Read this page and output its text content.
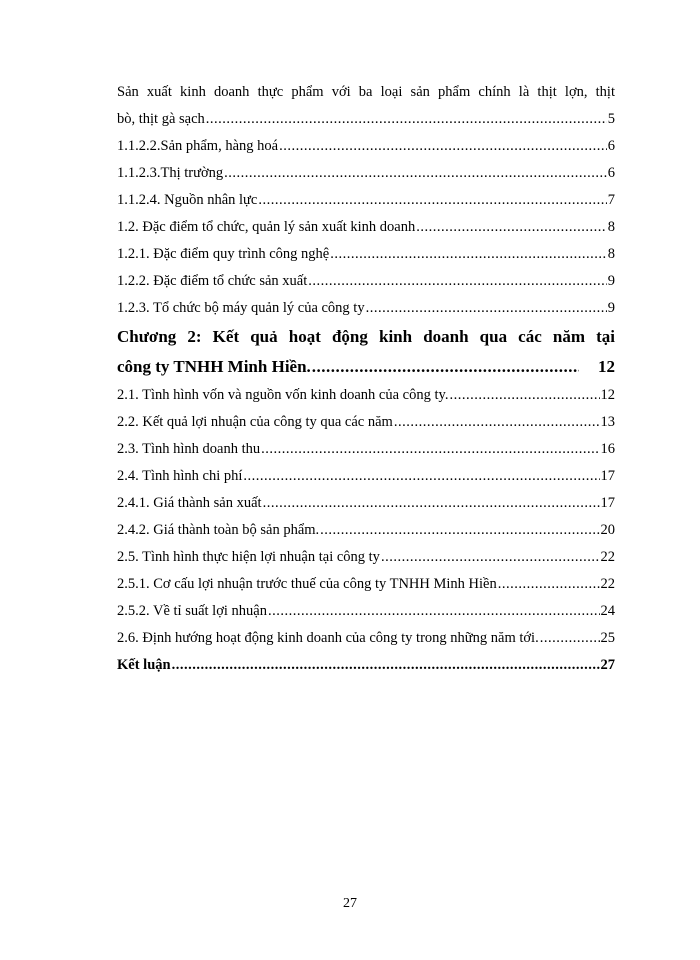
Sản xuất kinh doanh thực phẩm với ba loại sản phẩm chính là thịt lợn, thịt
bò, thịt gà sạch .....	5
1.1.2.2.Sản phẩm, hàng hoá .....	6
1.1.2.3.Thị trường .....	6
1.1.2.4. Nguồn nhân lực .....	7
1.2. Đặc điểm tổ chức, quản lý sản xuất kinh doanh .....	8
1.2.1. Đặc điểm quy trình công nghệ .....	8
1.2.2. Đặc điểm tổ chức sản xuất .....	9
1.2.3. Tổ chức bộ máy quản lý của công ty .....	9
Chương 2: Kết quả hoạt động kinh doanh qua các năm tại
công ty TNHH Minh Hiền. .....	12
2.1. Tình hình vốn và nguồn vốn kinh doanh của công ty. .....	12
2.2. Kết quả lợi nhuận của công ty qua các năm .....	13
2.3. Tình hình doanh thu .....	16
2.4. Tình hình chi phí .....	17
2.4.1. Giá thành sản xuất .....	17
2.4.2. Giá thành toàn bộ sản phẩm. .....	20
2.5. Tình hình thực hiện lợi nhuận tại công ty .....	22
2.5.1. Cơ cấu lợi nhuận trước thuế của công ty TNHH Minh Hiền .....	22
2.5.2. Về tỉ suất lợi nhuận .....	24
2.6. Định hướng hoạt động kinh doanh của công ty trong những năm tới. .....	25
Kết luận .....	27
27
